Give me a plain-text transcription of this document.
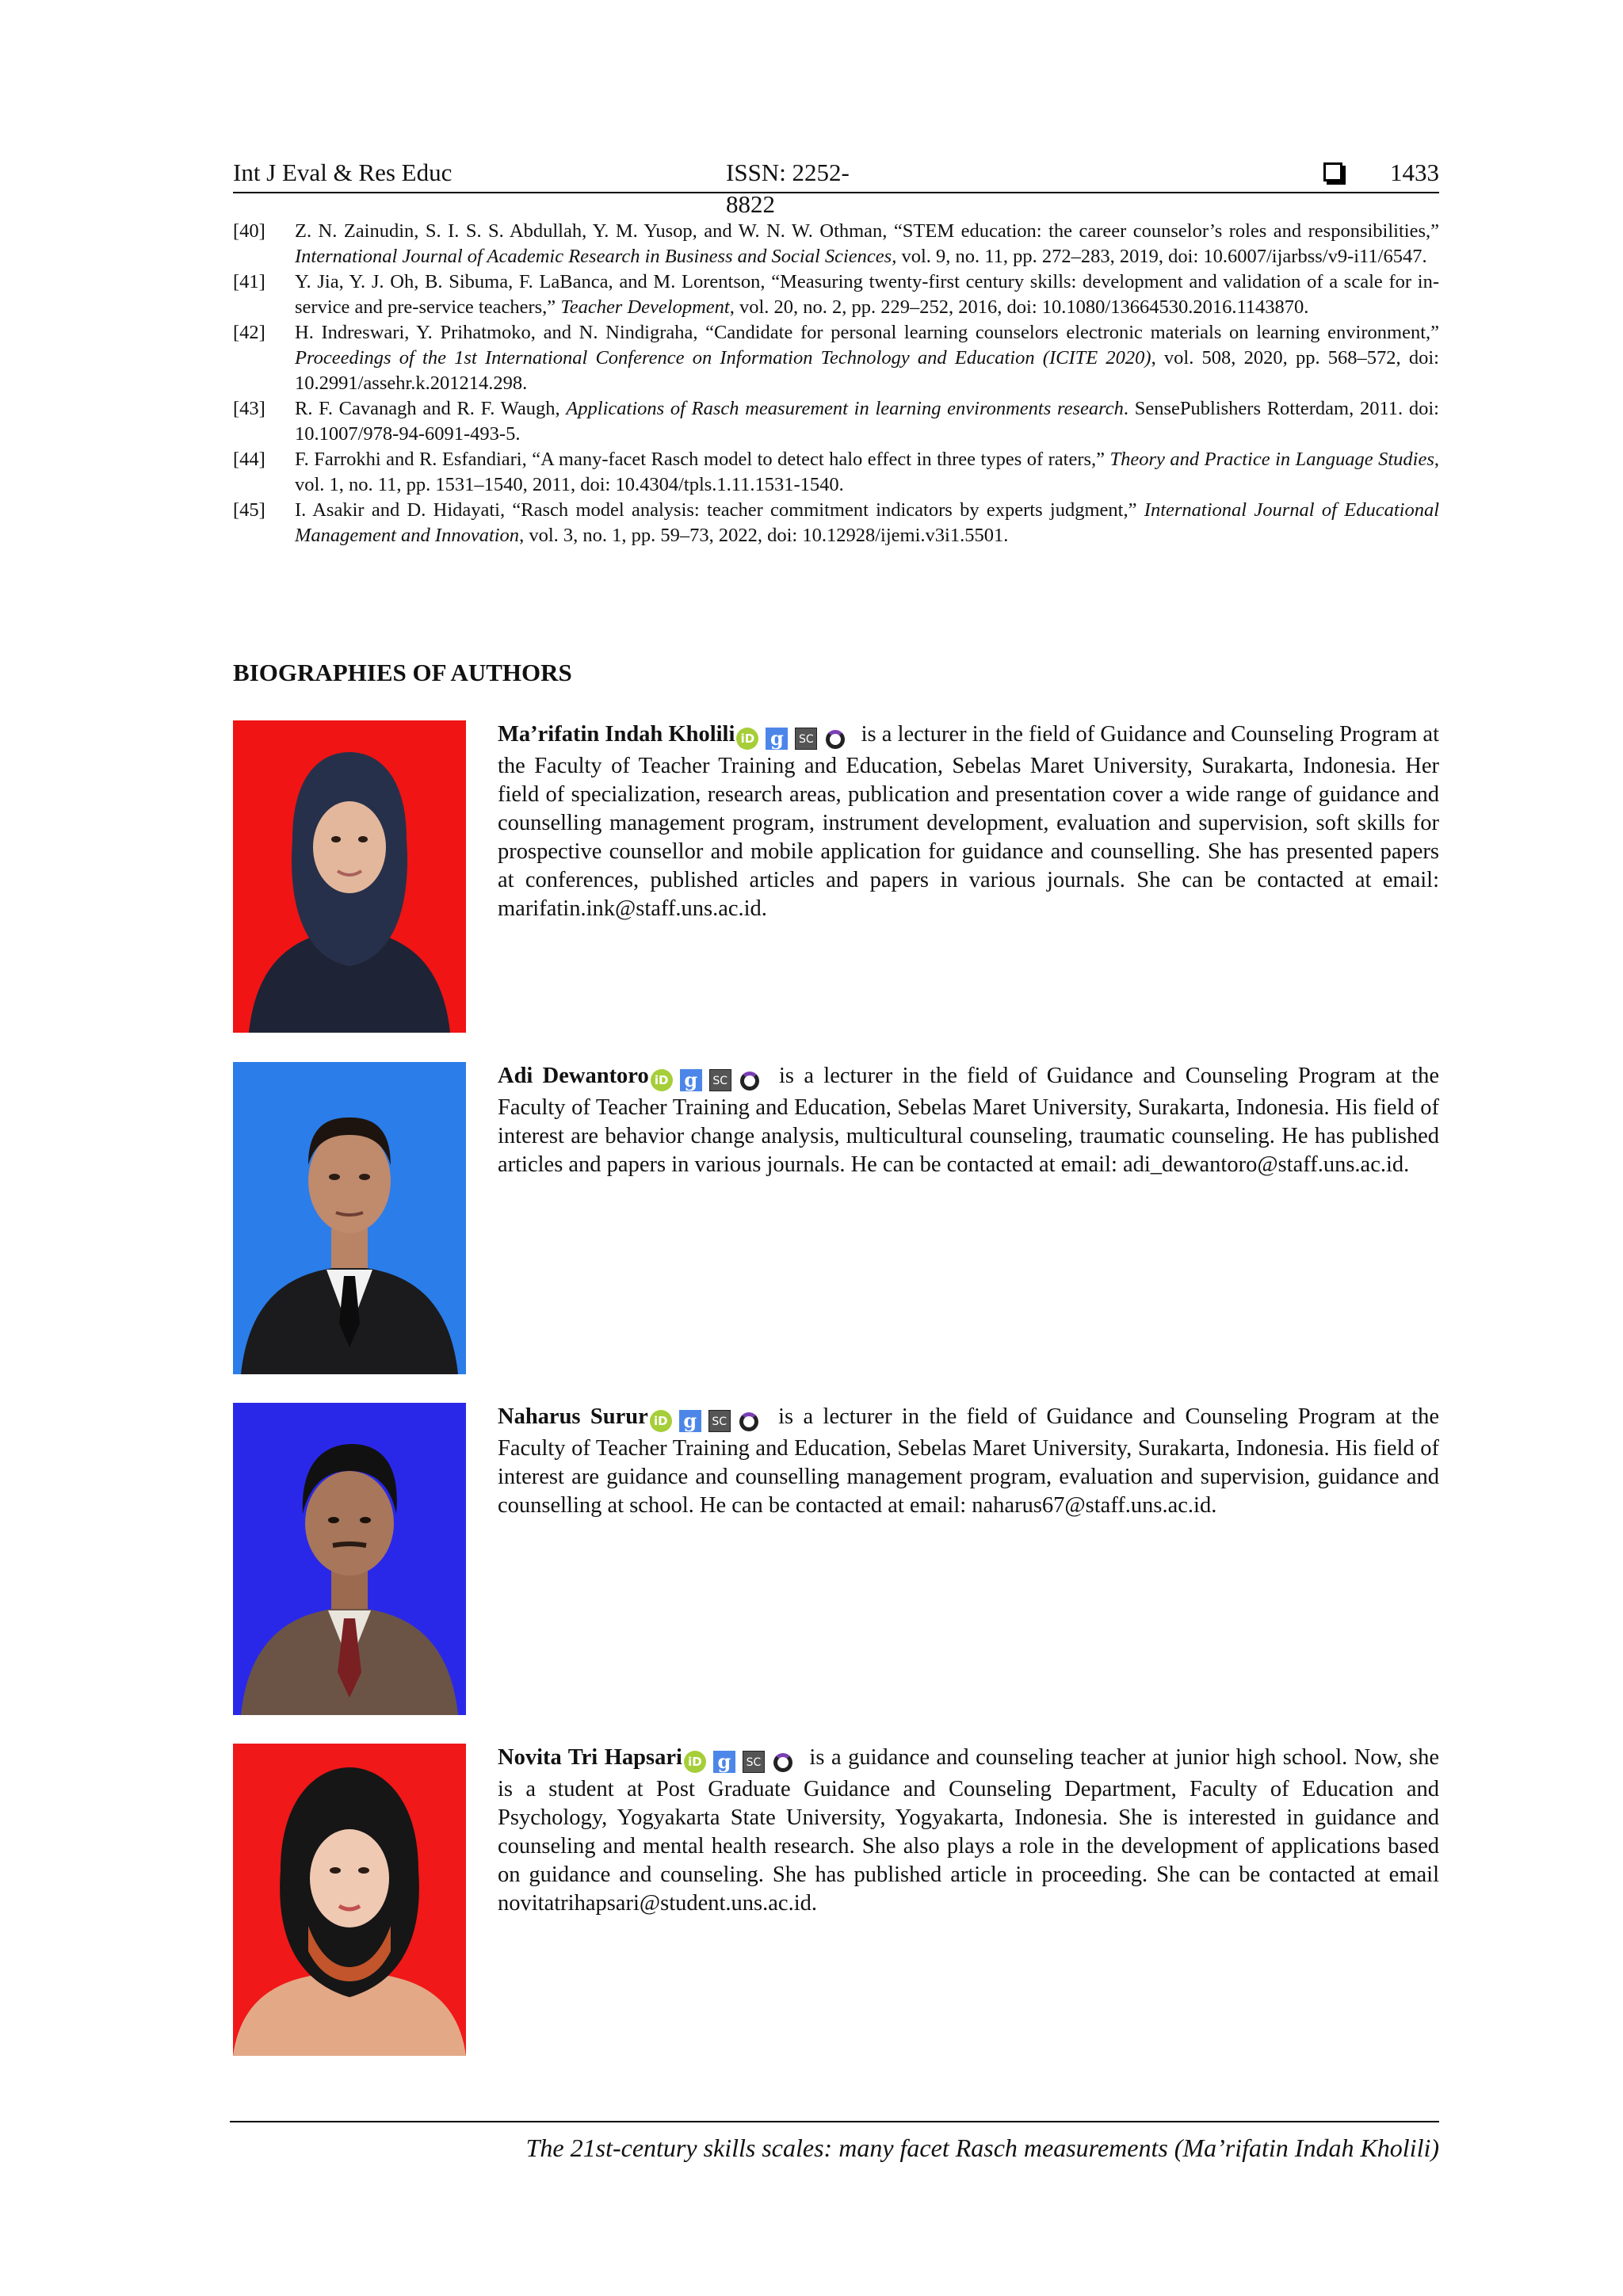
Int J Eval & Res Educ	ISSN: 2252-8822
1433
[40] Z. N. Zainudin, S. I. S. S. Abdullah, Y. M. Yusop, and W. N. W. Othman, “STEM education: the career counselor’s roles and responsibilities,” International Journal of Academic Research in Business and Social Sciences, vol. 9, no. 11, pp. 272–283, 2019, doi: 10.6007/ijarbss/v9-i11/6547.
[41] Y. Jia, Y. J. Oh, B. Sibuma, F. LaBanca, and M. Lorentson, “Measuring twenty-first century skills: development and validation of a scale for in-service and pre-service teachers,” Teacher Development, vol. 20, no. 2, pp. 229–252, 2016, doi: 10.1080/13664530.2016.1143870.
[42] H. Indreswari, Y. Prihatmoko, and N. Nindigraha, “Candidate for personal learning counselors electronic materials on learning environment,” Proceedings of the 1st International Conference on Information Technology and Education (ICITE 2020), vol. 508, 2020, pp. 568–572, doi: 10.2991/assehr.k.201214.298.
[43] R. F. Cavanagh and R. F. Waugh, Applications of Rasch measurement in learning environments research. SensePublishers Rotterdam, 2011. doi: 10.1007/978-94-6091-493-5.
[44] F. Farrokhi and R. Esfandiari, “A many-facet Rasch model to detect halo effect in three types of raters,” Theory and Practice in Language Studies, vol. 1, no. 11, pp. 1531–1540, 2011, doi: 10.4304/tpls.1.11.1531-1540.
[45] I. Asakir and D. Hidayati, “Rasch model analysis: teacher commitment indicators by experts judgment,” International Journal of Educational Management and Innovation, vol. 3, no. 1, pp. 59–73, 2022, doi: 10.12928/ijemi.v3i1.5501.
BIOGRAPHIES OF AUTHORS
Ma’rifatin Indah Kholili iD g SC is a lecturer in the field of Guidance and Counseling Program at the Faculty of Teacher Training and Education, Sebelas Maret University, Surakarta, Indonesia. Her field of specialization, research areas, publication and presentation cover a wide range of guidance and counselling management program, instrument development, evaluation and supervision, soft skills for prospective counsellor and mobile application for guidance and counselling. She has presented papers at conferences, published articles and papers in various journals. She can be contacted at email: marifatin.ink@staff.uns.ac.id.
Adi Dewantoro iD g SC is a lecturer in the field of Guidance and Counseling Program at the Faculty of Teacher Training and Education, Sebelas Maret University, Surakarta, Indonesia. His field of interest are behavior change analysis, multicultural counseling, traumatic counseling. He has published articles and papers in various journals. He can be contacted at email: adi_dewantoro@staff.uns.ac.id.
Naharus Surur iD g SC is a lecturer in the field of Guidance and Counseling Program at the Faculty of Teacher Training and Education, Sebelas Maret University, Surakarta, Indonesia. His field of interest are guidance and counselling management program, evaluation and supervision, guidance and counselling at school. He can be contacted at email: naharus67@staff.uns.ac.id.
Novita Tri Hapsari iD g SC is a guidance and counseling teacher at junior high school. Now, she is a student at Post Graduate Guidance and Counseling Department, Faculty of Education and Psychology, Yogyakarta State University, Yogyakarta, Indonesia. She is interested in guidance and counseling and mental health research. She also plays a role in the development of applications based on guidance and counseling. She has published article in proceeding. She can be contacted at email novitatrihapsari@student.uns.ac.id.
The 21st-century skills scales: many facet Rasch measurements (Ma’rifatin Indah Kholili)
